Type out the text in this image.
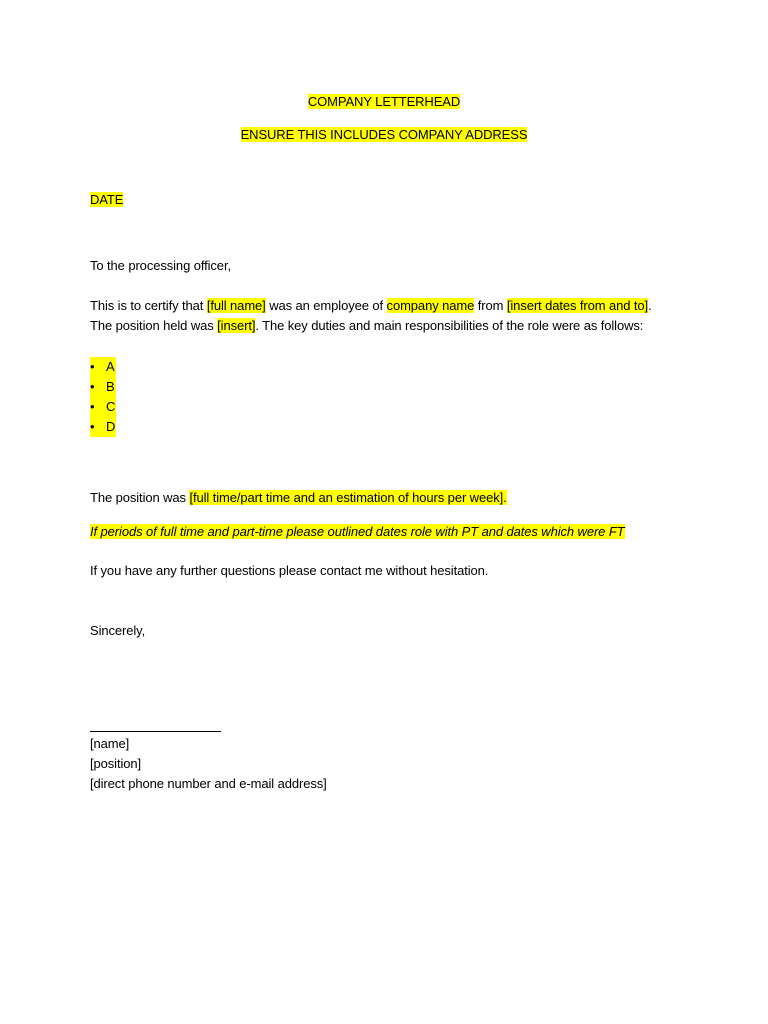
COMPANY LETTERHEAD
ENSURE THIS INCLUDES COMPANY ADDRESS
DATE
To the processing officer,
This is to certify that [full name] was an employee of company name from [insert dates from and to].
The position held was [insert]. The key duties and main responsibilities of the role were as follows:
• A
• B
• C
• D
The position was [full time/part time and an estimation of hours per week].
If periods of full time and part-time please outlined dates role with PT and dates which were FT
If you have any further questions please contact me without hesitation.
Sincerely,
[name]
[position]
[direct phone number and e-mail address]
